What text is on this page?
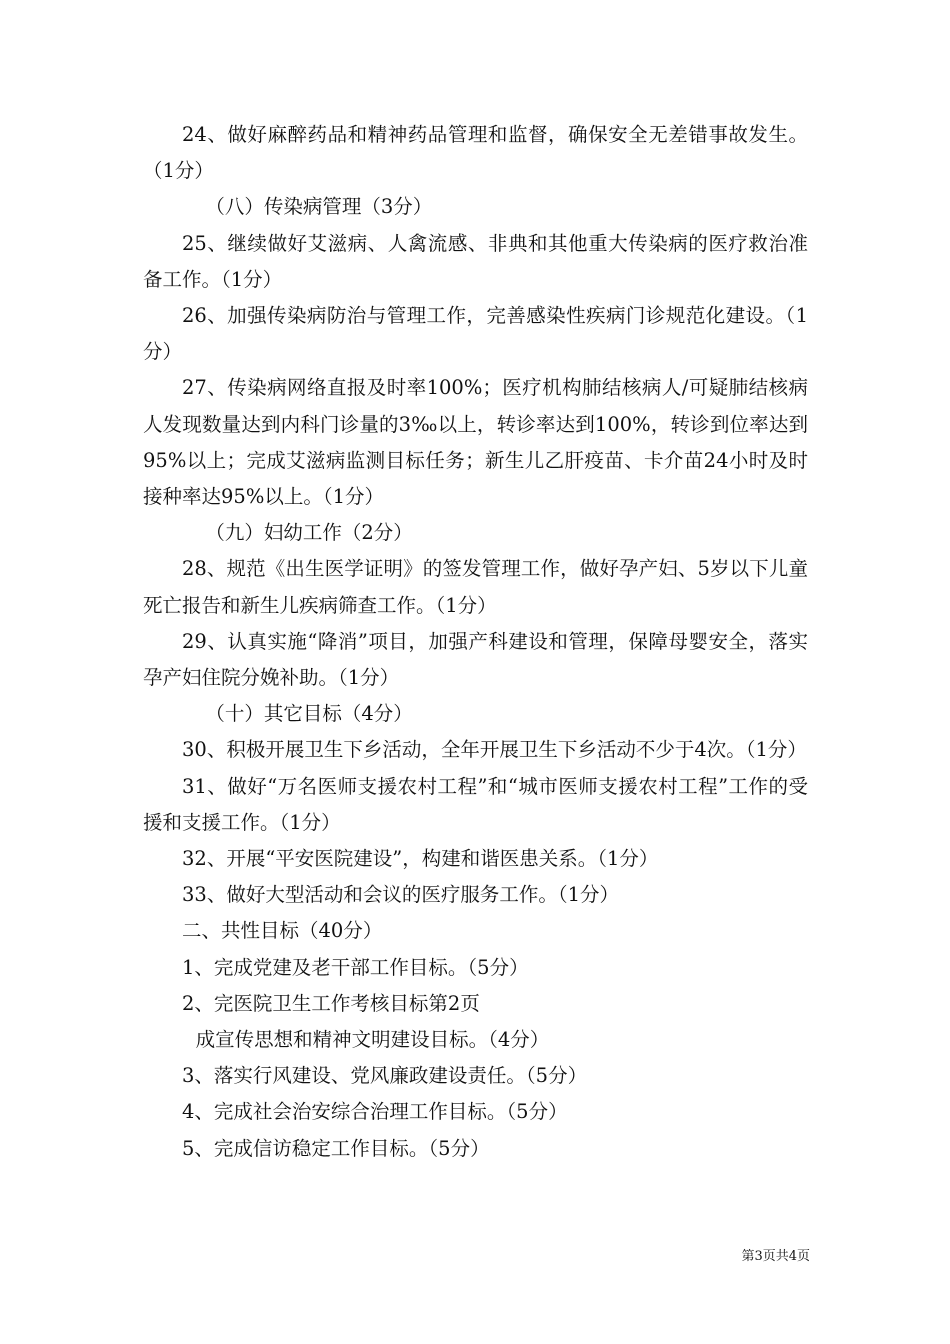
24、做好麻醉药品和精神药品管理和监督，确保安全无差错事故发生。（1分）

（八）传染病管理（3分）

25、继续做好艾滋病、人禽流感、非典和其他重大传染病的医疗救治准备工作。（1分）

26、加强传染病防治与管理工作，完善感染性疾病门诊规范化建设。（1分）

27、传染病网络直报及时率100%；医疗机构肺结核病人/可疑肺结核病人发现数量达到内科门诊量的3‰以上，转诊率达到100%，转诊到位率达到95%以上；完成艾滋病监测目标任务；新生儿乙肝疫苗、卡介苗24小时及时接种率达95%以上。（1分）

（九）妇幼工作（2分）

28、规范《出生医学证明》的签发管理工作，做好孕产妇、5岁以下儿童死亡报告和新生儿疾病筛查工作。（1分）

29、认真实施“降消”项目，加强产科建设和管理，保障母婴安全，落实孕产妇住院分娩补助。（1分）

（十）其它目标（4分）

30、积极开展卫生下乡活动，全年开展卫生下乡活动不少于4次。（1分）

31、做好“万名医师支援农村工程”和“城市医师支援农村工程”工作的受援和支援工作。（1分）

32、开展“平安医院建设”，构建和谐医患关系。（1分）

33、做好大型活动和会议的医疗服务工作。（1分）

二、共性目标（40分）

1、完成党建及老干部工作目标。（5分）

2、完医院卫生工作考核目标第2页

成宣传思想和精神文明建设目标。（4分）

3、落实行风建设、党风廉政建设责任。（5分）

4、完成社会治安综合治理工作目标。（5分）

5、完成信访稳定工作目标。（5分）

第3页共4页
